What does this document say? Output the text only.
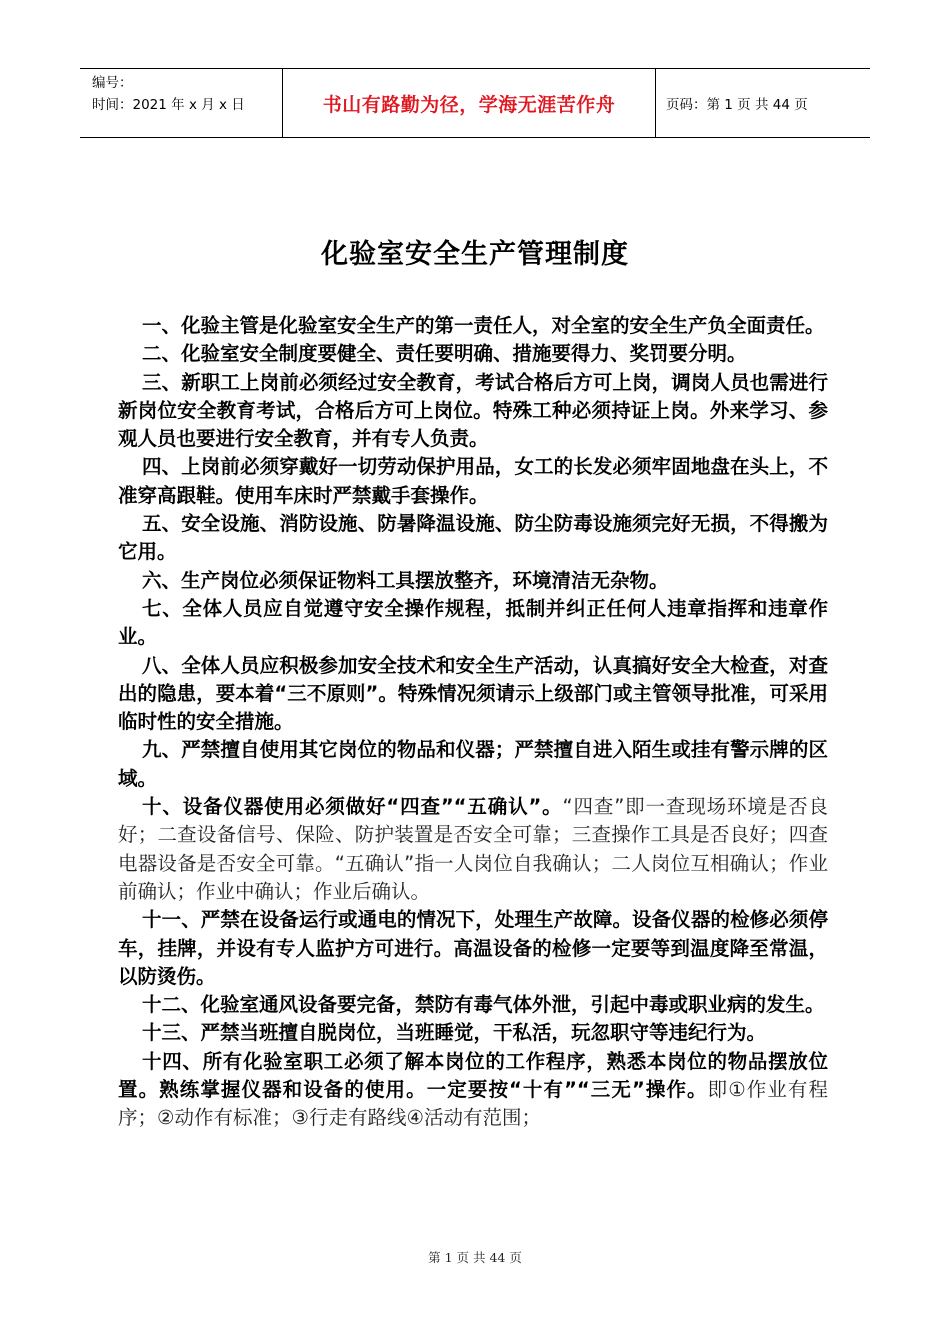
编号：
时间：2021 年 x 月 x 日	书山有路勤为径，学海无涯苦作舟	页码：第 1 页 共 44 页
化验室安全生产管理制度

一、化验主管是化验室安全生产的第一责任人，对全室的安全生产负全面责任。

二、化验室安全制度要健全、责任要明确、措施要得力、奖罚要分明。

三、新职工上岗前必须经过安全教育，考试合格后方可上岗，调岗人员也需进行新岗位安全教育考试，合格后方可上岗位。特殊工种必须持证上岗。外来学习、参观人员也要进行安全教育，并有专人负责。

四、上岗前必须穿戴好一切劳动保护用品，女工的长发必须牢固地盘在头上，不准穿高跟鞋。使用车床时严禁戴手套操作。

五、安全设施、消防设施、防暑降温设施、防尘防毒设施须完好无损，不得搬为它用。

六、生产岗位必须保证物料工具摆放整齐，环境清洁无杂物。

七、全体人员应自觉遵守安全操作规程，抵制并纠正任何人违章指挥和违章作业。

八、全体人员应积极参加安全技术和安全生产活动，认真搞好安全大检查，对查出的隐患，要本着“三不原则”。特殊情况须请示上级部门或主管领导批准，可采用临时性的安全措施。

九、严禁擅自使用其它岗位的物品和仪器；严禁擅自进入陌生或挂有警示牌的区域。

十、设备仪器使用必须做好“四查”“五确认”。“四查”即一查现场环境是否良好；二查设备信号、保险、防护装置是否安全可靠；三查操作工具是否良好；四查电器设备是否安全可靠。“五确认”指一人岗位自我确认；二人岗位互相确认；作业前确认；作业中确认；作业后确认。

十一、严禁在设备运行或通电的情况下，处理生产故障。设备仪器的检修必须停车，挂牌，并设有专人监护方可进行。高温设备的检修一定要等到温度降至常温，以防烫伤。

十二、化验室通风设备要完备，禁防有毒气体外泄，引起中毒或职业病的发生。

十三、严禁当班擅自脱岗位，当班睡觉，干私活，玩忽职守等违纪行为。

十四、所有化验室职工必须了解本岗位的工作程序，熟悉本岗位的物品摆放位置。熟练掌握仪器和设备的使用。一定要按“十有”“三无”操作。即①作业有程序；②动作有标准；③行走有路线④活动有范围；

第 1 页 共 44 页
